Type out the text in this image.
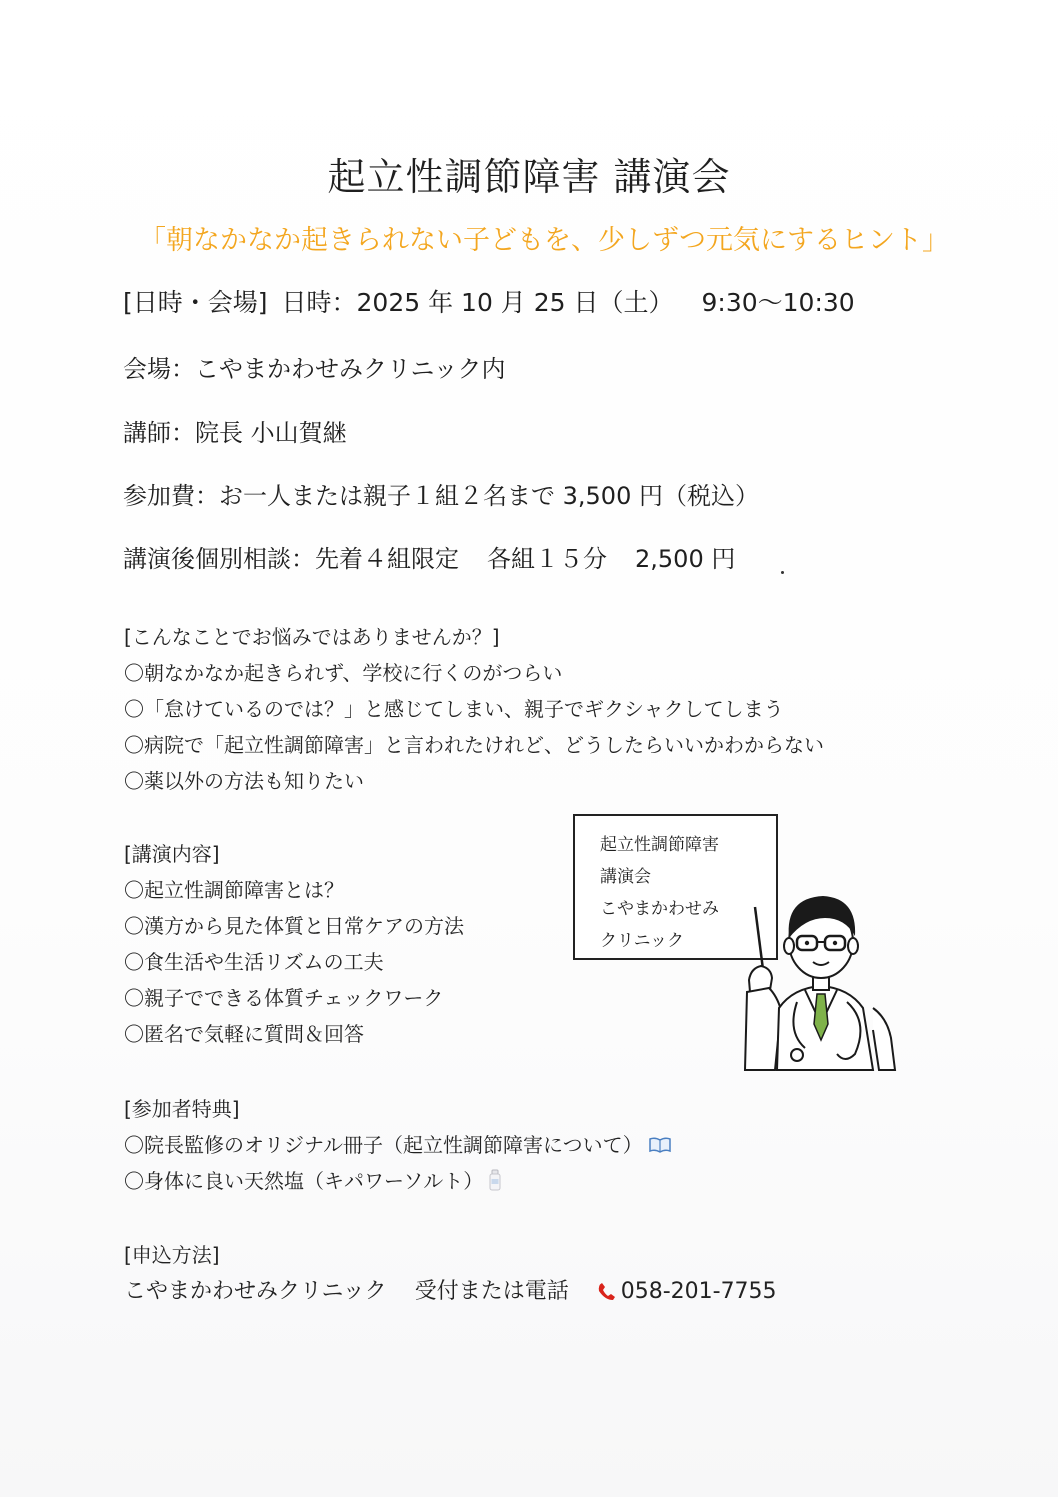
起立性調節障害 講演会
「朝なかなか起きられない子どもを、少しずつ元気にするヒント」
[日時・会場] 日時：2025 年 10 月 25 日（土） 9:30〜10:30
会場：こやまかわせみクリニック内
講師：院長 小山賀継
参加費：お一人または親子１組２名まで 3,500 円（税込）
講演後個別相談：先着４組限定 各組１５分 2,500 円
[こんなことでお悩みではありませんか？]
〇朝なかなか起きられず、学校に行くのがつらい
〇「怠けているのでは？」と感じてしまい、親子でギクシャクしてしまう
〇病院で「起立性調節障害」と言われたけれど、どうしたらいいかわからない
〇薬以外の方法も知りたい
[講演内容]
〇起立性調節障害とは？
〇漢方から見た体質と日常ケアの方法
〇食生活や生活リズムの工夫
〇親子でできる体質チェックワーク
〇匿名で気軽に質問＆回答
起立性調節障害
講演会
こやまかわせみ
クリニック
[参加者特典]
〇院長監修のオリジナル冊子（起立性調節障害について）
〇身体に良い天然塩（キパワーソルト）
[申込方法]
こやまかわせみクリニック 受付または電話 058-201-7755
